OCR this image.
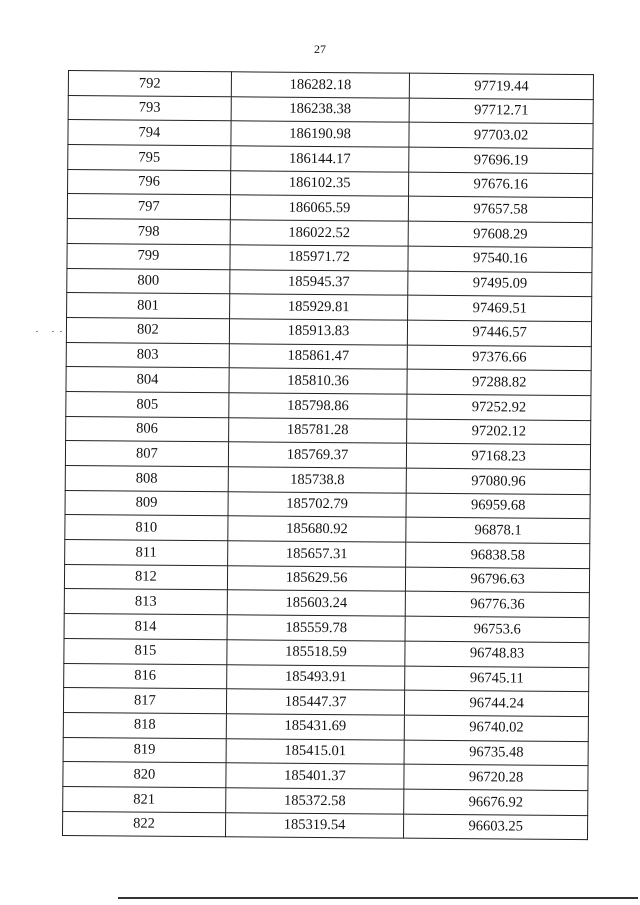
27
792	186282.18	97719.44
793	186238.38	97712.71
794	186190.98	97703.02
795	186144.17	97696.19
796	186102.35	97676.16
797	186065.59	97657.58
798	186022.52	97608.29
799	185971.72	97540.16
800	185945.37	97495.09
801	185929.81	97469.51
802	185913.83	97446.57
803	185861.47	97376.66
804	185810.36	97288.82
805	185798.86	97252.92
806	185781.28	97202.12
807	185769.37	97168.23
808	185738.8	97080.96
809	185702.79	96959.68
810	185680.92	96878.1
811	185657.31	96838.58
812	185629.56	96796.63
813	185603.24	96776.36
814	185559.78	96753.6
815	185518.59	96748.83
816	185493.91	96745.11
817	185447.37	96744.24
818	185431.69	96740.02
819	185415.01	96735.48
820	185401.37	96720.28
821	185372.58	96676.92
822	185319.54	96603.25
